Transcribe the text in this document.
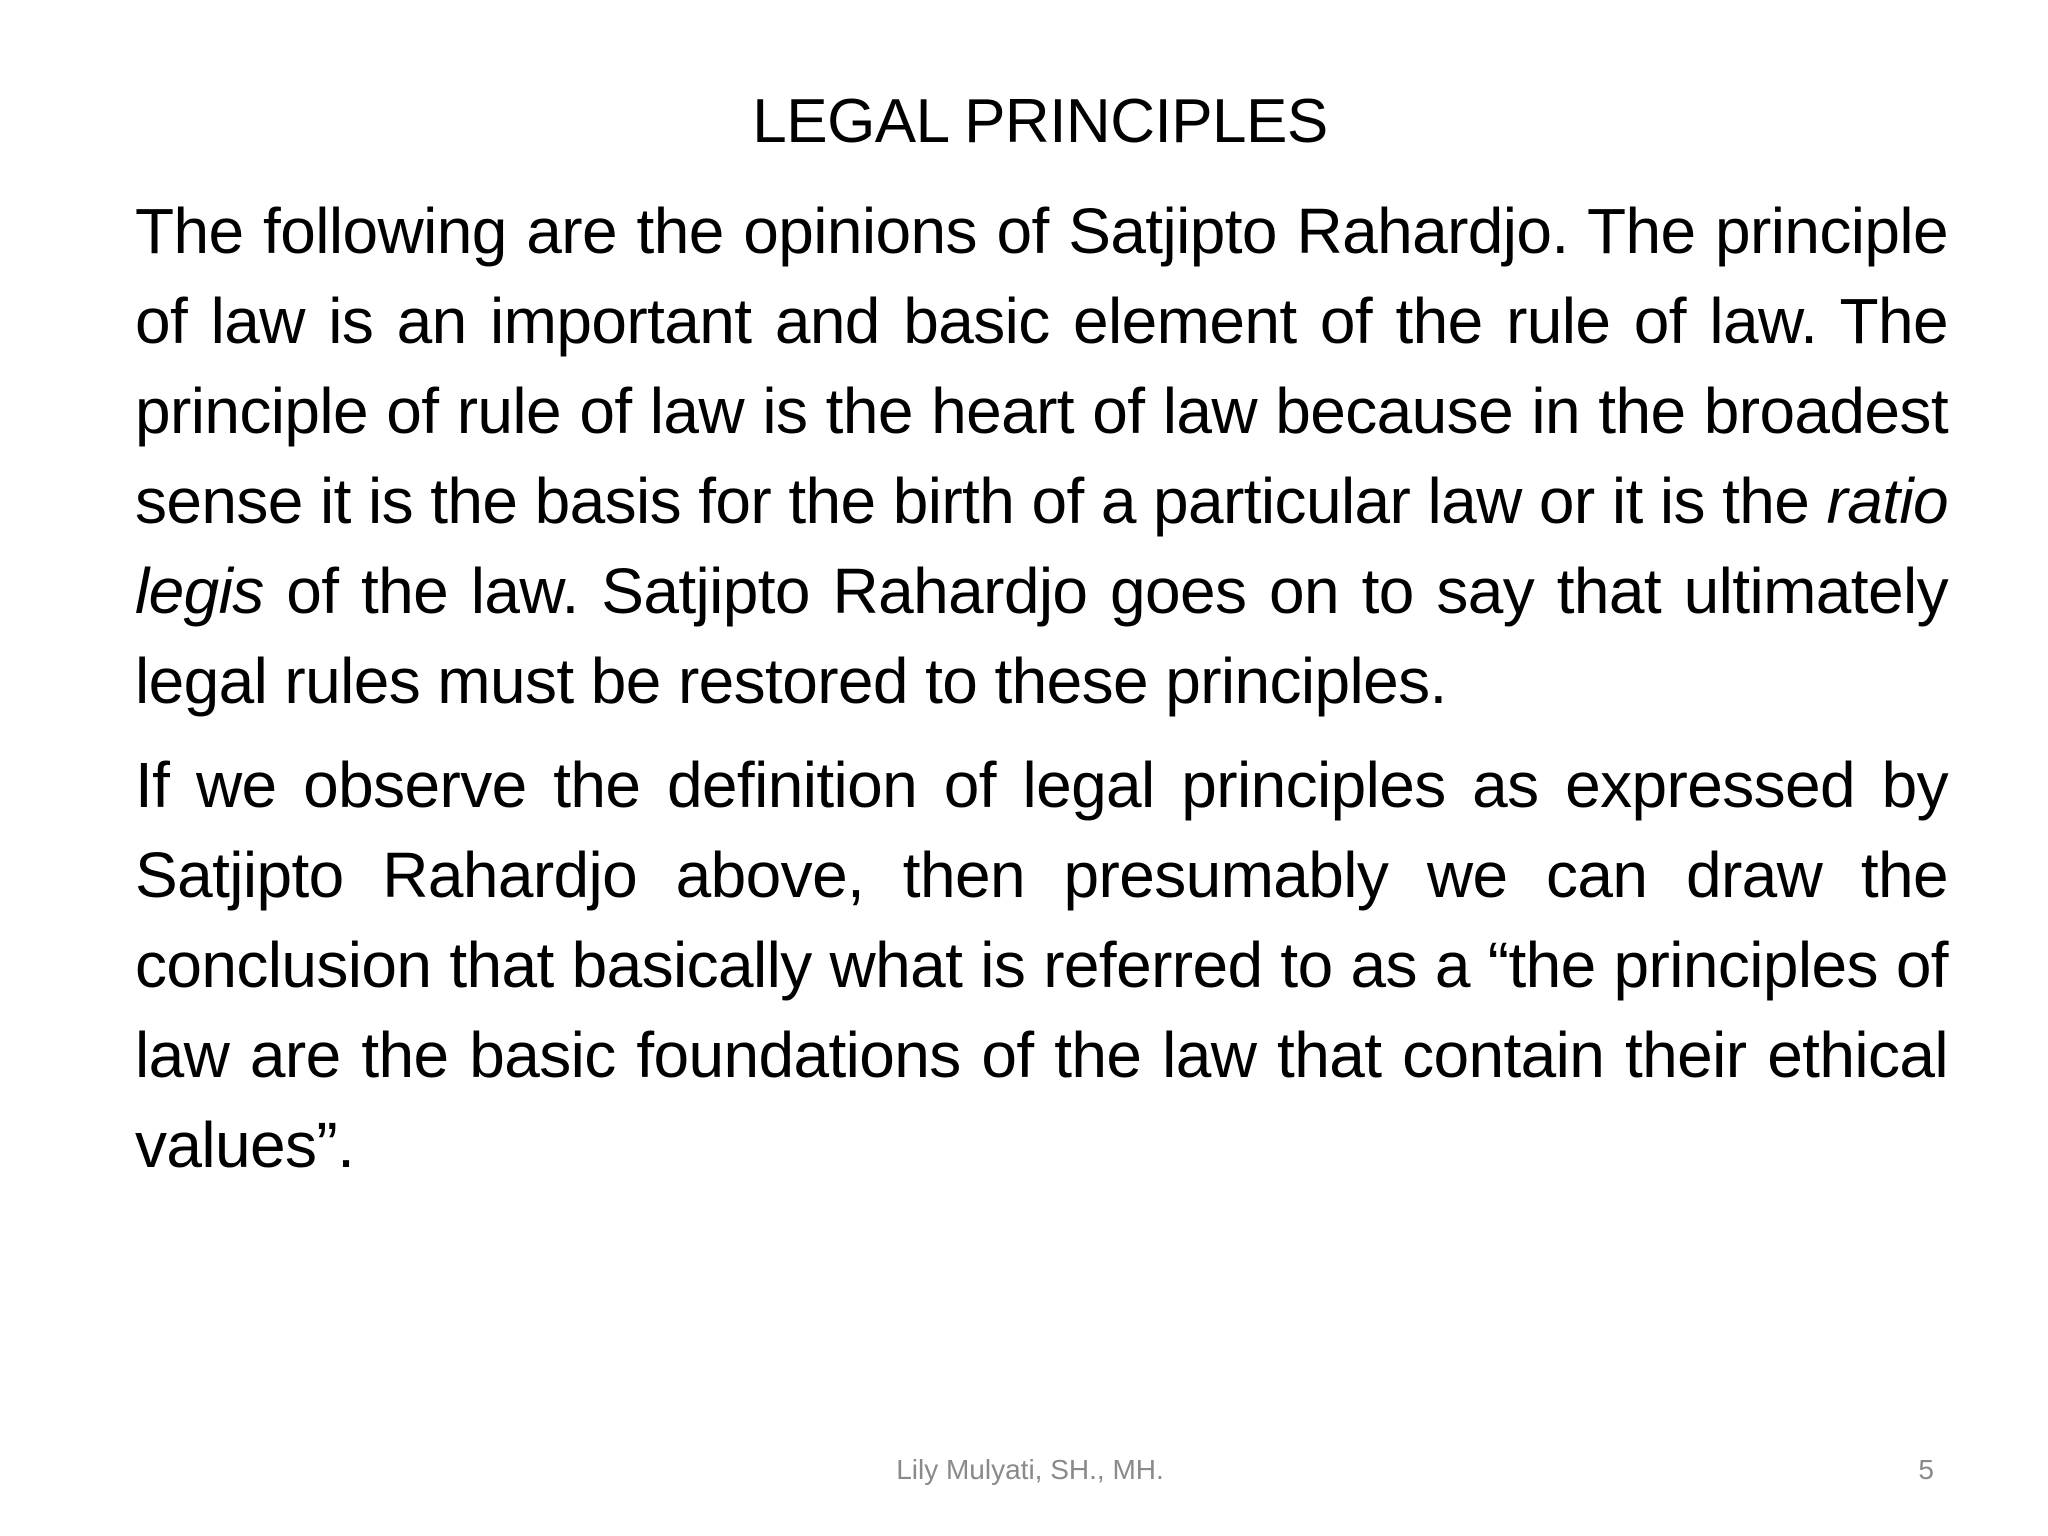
LEGAL PRINCIPLES

The following are the opinions of Satjipto Rahardjo. The principle of law is an important and basic element of the rule of law. The principle of rule of law is the heart of law because in the broadest sense it is the basis for the birth of a particular law or it is the ratio legis of the law. Satjipto Rahardjo goes on to say that ultimately legal rules must be restored to these principles.

If we observe the definition of legal principles as expressed by Satjipto Rahardjo above, then presumably we can draw the conclusion that basically what is referred to as a “the principles of law are the basic foundations of the law that contain their ethical values”.

Lily Mulyati, SH., MH.	5
